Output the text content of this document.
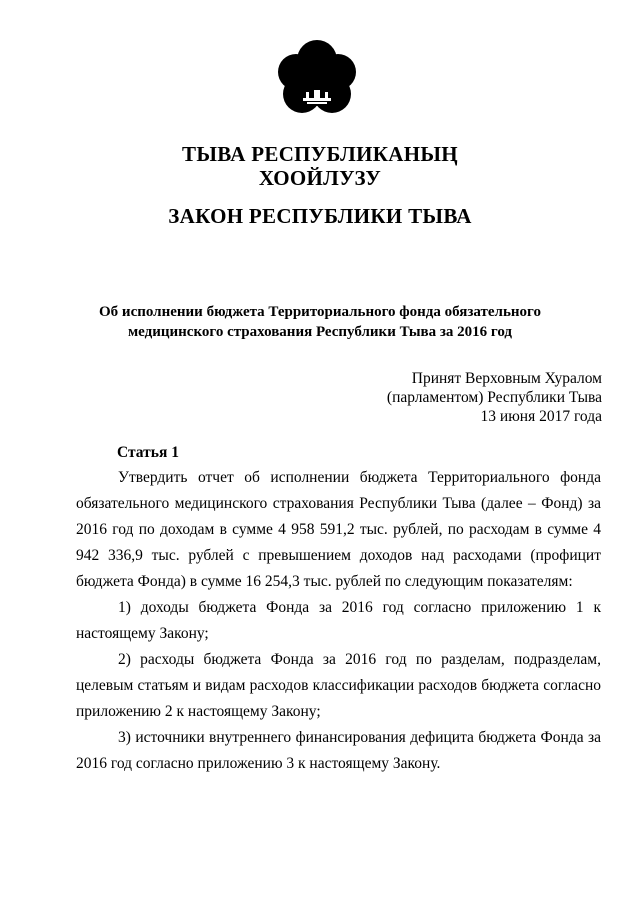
ТЫВА РЕСПУБЛИКАНЫҢ
ХООЙЛУЗУ
ЗАКОН РЕСПУБЛИКИ ТЫВА
Об исполнении бюджета Территориального фонда обязательного
медицинского страхования Республики Тыва за 2016 год
Принят Верховным Хуралом
(парламентом) Республики Тыва
13 июня 2017 года
Статья 1

Утвердить отчет об исполнении бюджета Территориального фонда обязательного медицинского страхования Республики Тыва (далее – Фонд) за 2016 год по доходам в сумме 4 958 591,2 тыс. рублей, по расходам в сумме 4 942 336,9 тыс. рублей с превышением доходов над расходами (профицит бюджета Фонда) в сумме 16 254,3 тыс. рублей по следующим показателям:

1) доходы бюджета Фонда за 2016 год согласно приложению 1 к настоящему Закону;

2) расходы бюджета Фонда за 2016 год по разделам, подразделам, целевым статьям и видам расходов классификации расходов бюджета согласно приложению 2 к настоящему Закону;

3) источники внутреннего финансирования дефицита бюджета Фонда за 2016 год согласно приложению 3 к настоящему Закону.
